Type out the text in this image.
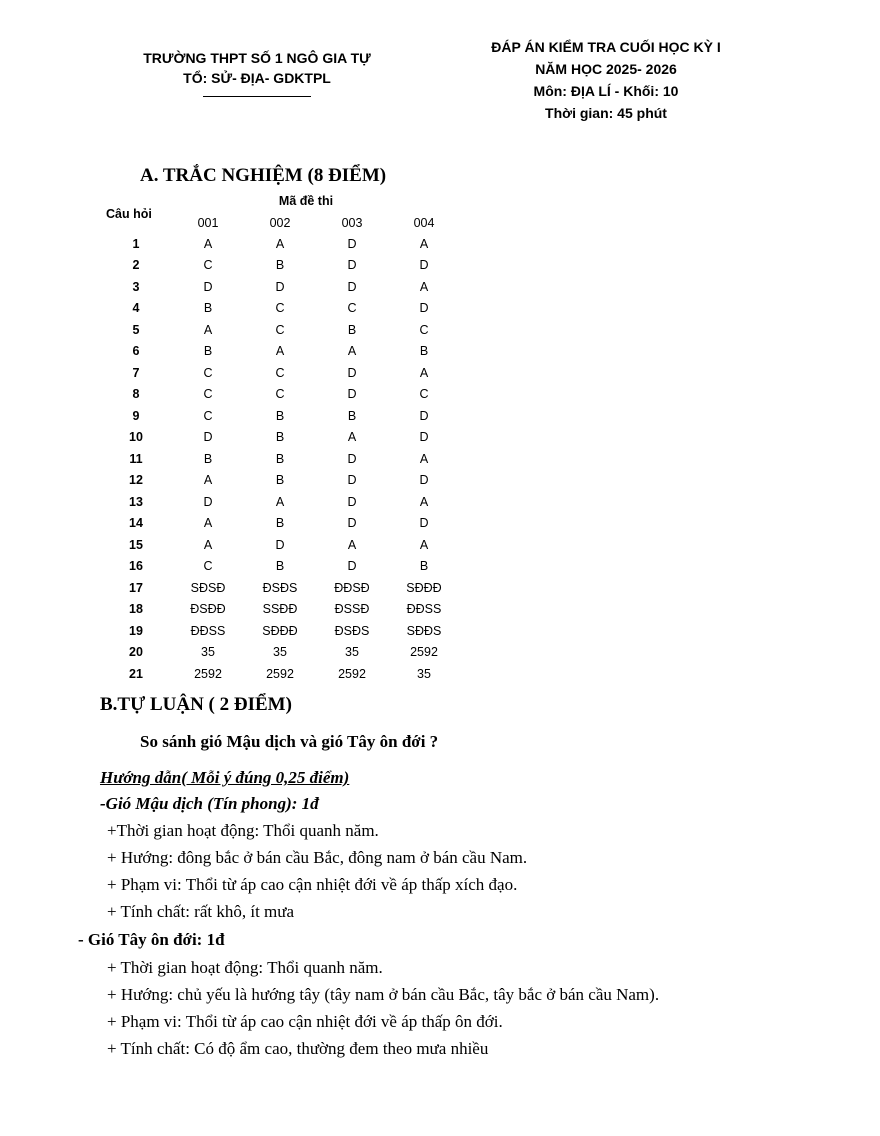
TRƯỜNG THPT SỐ 1 NGÔ GIA TỰ
TỔ: SỬ- ĐỊA- GDKTPL
ĐÁP ÁN KIỂM TRA CUỐI HỌC KỲ I
NĂM HỌC 2025- 2026
Môn: ĐỊA LÍ - Khối: 10
Thời gian: 45 phút
A. TRẮC NGHIỆM (8 ĐIỂM)
Mã đề thi
Câu hỏi
	001	002	003	004
1	A	A	D	A
2	C	B	D	D
3	D	D	D	A
4	B	C	C	D
5	A	C	B	C
6	B	A	A	B
7	C	C	D	A
8	C	C	D	C
9	C	B	B	D
10	D	B	A	D
11	B	B	D	A
12	A	B	D	D
13	D	A	D	A
14	A	B	D	D
15	A	D	A	A
16	C	B	D	B
17	SĐSĐ	ĐSĐS	ĐĐSĐ	SĐĐĐ
18	ĐSĐĐ	SSĐĐ	ĐSSĐ	ĐĐSS
19	ĐĐSS	SĐĐĐ	ĐSĐS	SĐĐS
20	35	35	35	2592
21	2592	2592	2592	35
B.TỰ LUẬN ( 2 ĐIỂM)
So sánh gió Mậu dịch và gió Tây ôn đới ?
Hướng dẫn( Mỗi ý đúng 0,25 điểm)
-Gió Mậu dịch (Tín phong): 1đ
+Thời gian hoạt động: Thổi quanh năm.
+ Hướng: đông bắc ở bán cầu Bắc, đông nam ở bán cầu Nam.
+ Phạm vi: Thổi từ áp cao cận nhiệt đới về áp thấp xích đạo.
+ Tính chất: rất khô, ít mưa
- Gió Tây ôn đới: 1đ
+ Thời gian hoạt động: Thổi quanh năm.
+ Hướng: chủ yếu là hướng tây (tây nam ở bán cầu Bắc, tây bắc ở bán cầu Nam).
+ Phạm vi: Thổi từ áp cao cận nhiệt đới về áp thấp ôn đới.
+ Tính chất: Có độ ẩm cao, thường đem theo mưa nhiều
